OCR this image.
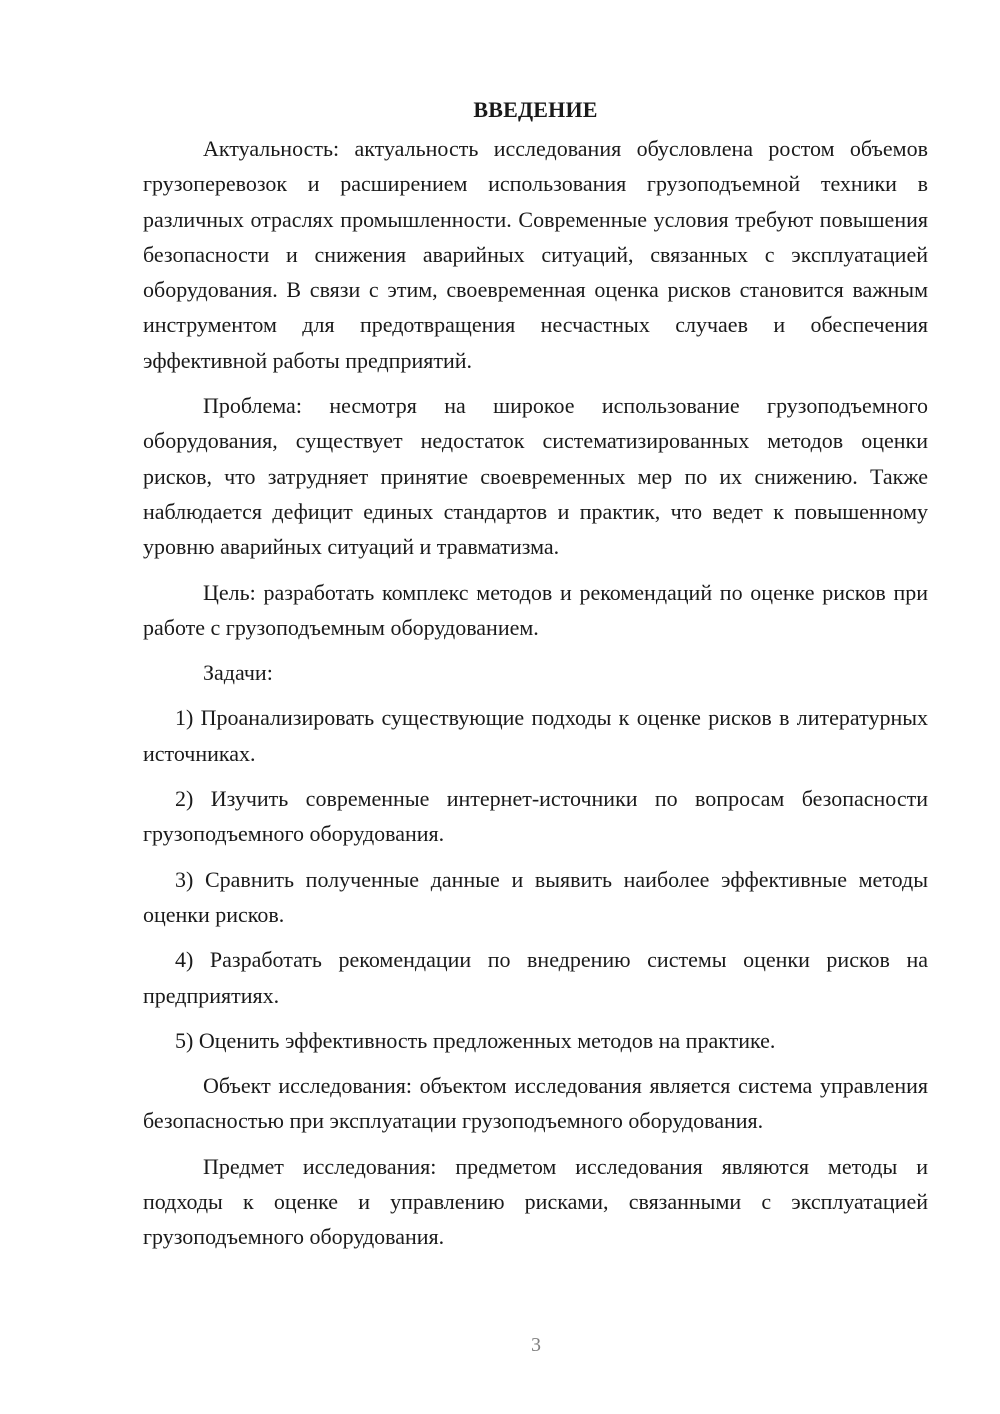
ВВЕДЕНИЕ

Актуальность: актуальность исследования обусловлена ростом объемов грузоперевозок и расширением использования грузоподъемной техники в различных отраслях промышленности. Современные условия требуют повышения безопасности и снижения аварийных ситуаций, связанных с эксплуатацией оборудования. В связи с этим, своевременная оценка рисков становится важным инструментом для предотвращения несчастных случаев и обеспечения эффективной работы предприятий.

Проблема: несмотря на широкое использование грузоподъемного оборудования, существует недостаток систематизированных методов оценки рисков, что затрудняет принятие своевременных мер по их снижению. Также наблюдается дефицит единых стандартов и практик, что ведет к повышенному уровню аварийных ситуаций и травматизма.

Цель: разработать комплекс методов и рекомендаций по оценке рисков при работе с грузоподъемным оборудованием.

Задачи:

1) Проанализировать существующие подходы к оценке рисков в литературных источниках.

2) Изучить современные интернет-источники по вопросам безопасности грузоподъемного оборудования.

3) Сравнить полученные данные и выявить наиболее эффективные методы оценки рисков.

4) Разработать рекомендации по внедрению системы оценки рисков на предприятиях.

5) Оценить эффективность предложенных методов на практике.

Объект исследования: объектом исследования является система управления безопасностью при эксплуатации грузоподъемного оборудования.

Предмет исследования: предметом исследования являются методы и подходы к оценке и управлению рисками, связанными с эксплуатацией грузоподъемного оборудования.

3
